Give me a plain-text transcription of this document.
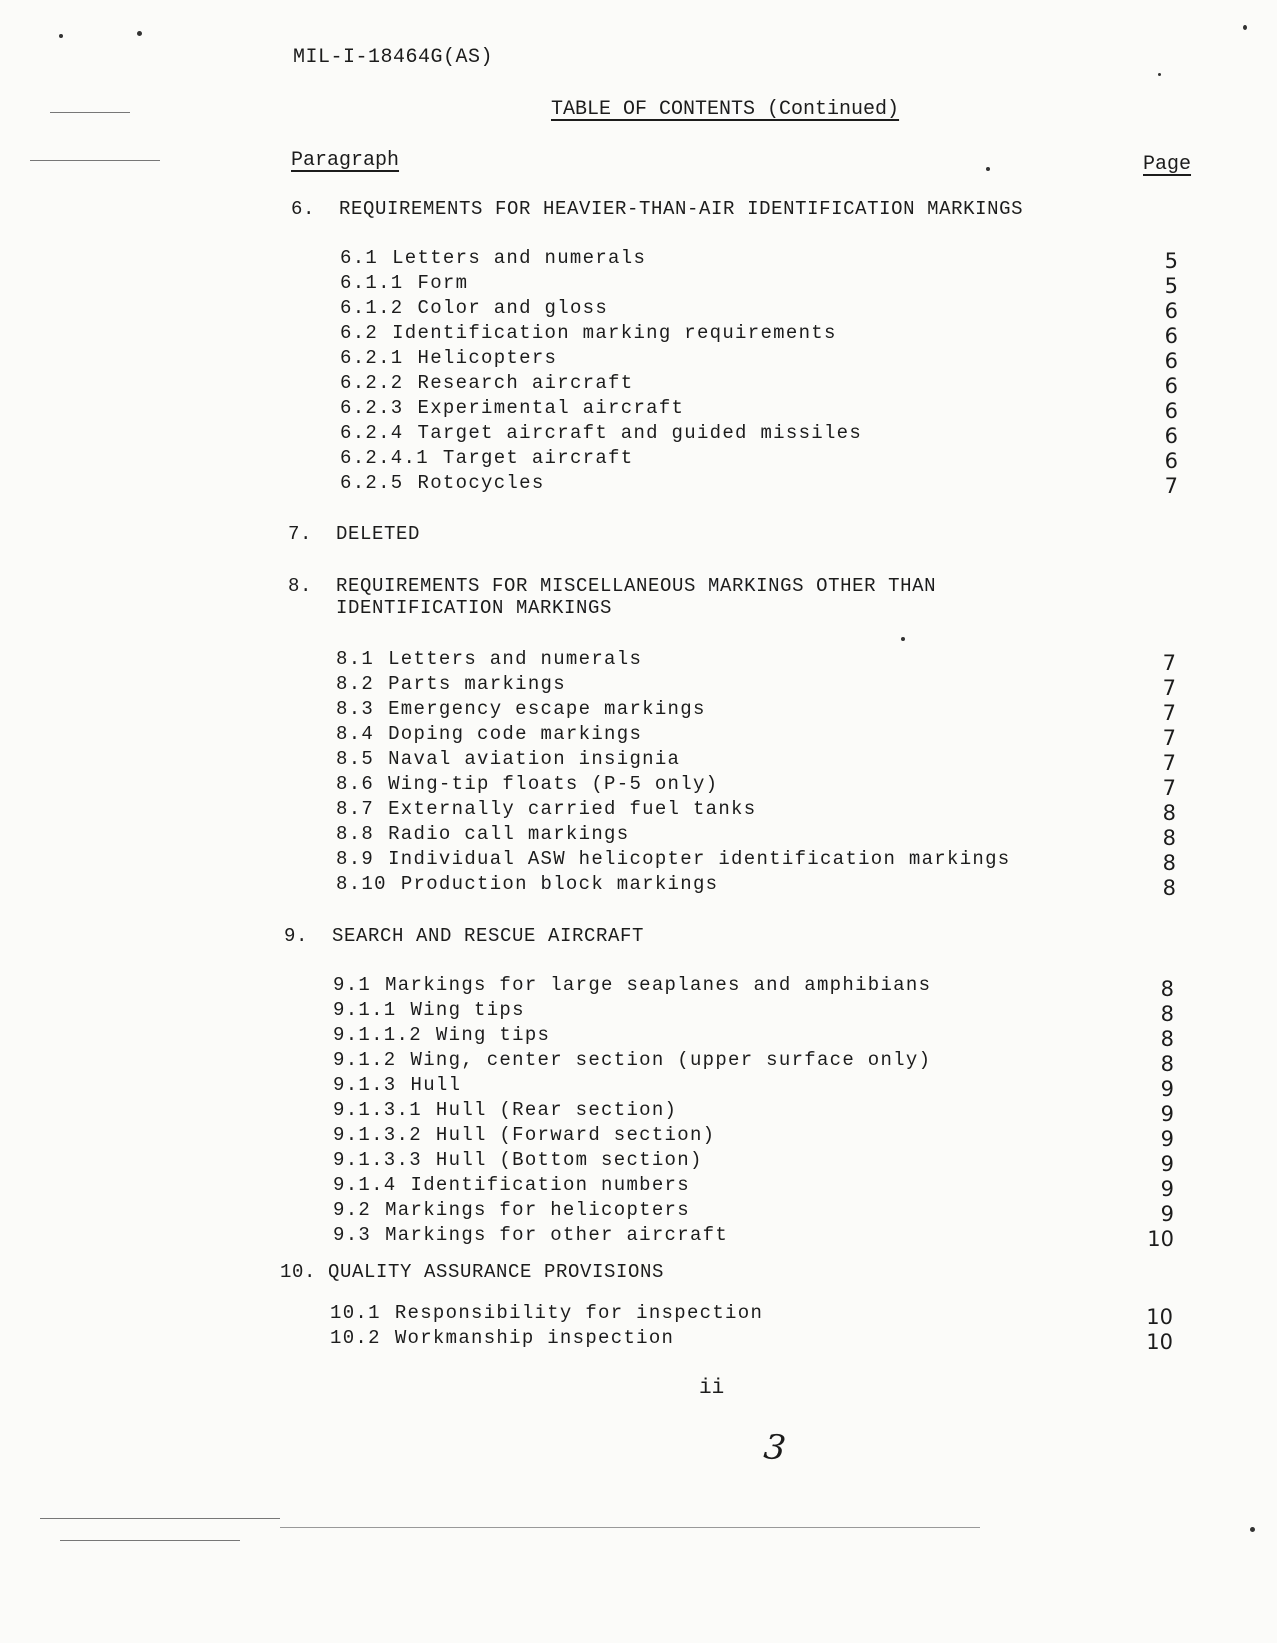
MIL-I-18464G(AS)
TABLE OF CONTENTS (Continued)
Paragraph	Page
6. REQUIREMENTS FOR HEAVIER-THAN-AIR IDENTIFICATION MARKINGS
6.1 Letters and numerals	5
6.1.1 Form	5
6.1.2 Color and gloss	6
6.2 Identification marking requirements	6
6.2.1 Helicopters	6
6.2.2 Research aircraft	6
6.2.3 Experimental aircraft	6
6.2.4 Target aircraft and guided missiles	6
6.2.4.1 Target aircraft	6
6.2.5 Rotocycles	7
7. DELETED
8. REQUIREMENTS FOR MISCELLANEOUS MARKINGS OTHER THAN
IDENTIFICATION MARKINGS
8.1 Letters and numerals	7
8.2 Parts markings	7
8.3 Emergency escape markings	7
8.4 Doping code markings	7
8.5 Naval aviation insignia	7
8.6 Wing-tip floats (P-5 only)	7
8.7 Externally carried fuel tanks	8
8.8 Radio call markings	8
8.9 Individual ASW helicopter identification markings	8
8.10 Production block markings	8
9. SEARCH AND RESCUE AIRCRAFT
9.1 Markings for large seaplanes and amphibians	8
9.1.1 Wing tips	8
9.1.1.2 Wing tips	8
9.1.2 Wing, center section (upper surface only)	8
9.1.3 Hull	9
9.1.3.1 Hull (Rear section)	9
9.1.3.2 Hull (Forward section)	9
9.1.3.3 Hull (Bottom section)	9
9.1.4 Identification numbers	9
9.2 Markings for helicopters	9
9.3 Markings for other aircraft	10
10. QUALITY ASSURANCE PROVISIONS
10.1 Responsibility for inspection	10
10.2 Workmanship inspection	10
ii
3
